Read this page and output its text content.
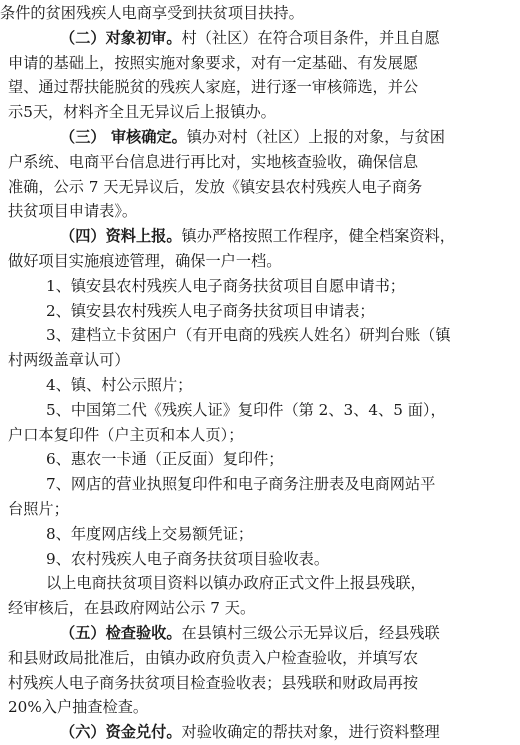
条件的贫困残疾人电商享受到扶贫项目扶持。
（二）对象初审。村（社区）在符合项目条件，并且自愿
申请的基础上，按照实施对象要求，对有一定基础、有发展愿
望、通过帮扶能脱贫的残疾人家庭，进行逐一审核筛选，并公
示5天，材料齐全且无异议后上报镇办。
（三） 审核确定。镇办对村（社区）上报的对象，与贫困
户系统、电商平台信息进行再比对，实地核查验收，确保信息
准确，公示 7 天无异议后，发放《镇安县农村残疾人电子商务
扶贫项目申请表》。
（四）资料上报。镇办严格按照工作程序，健全档案资料，
做好项目实施痕迹管理，确保一户一档。
1、镇安县农村残疾人电子商务扶贫项目自愿申请书；
2、镇安县农村残疾人电子商务扶贫项目申请表；
3、建档立卡贫困户（有开电商的残疾人姓名）研判台账（镇
村两级盖章认可）
4、镇、村公示照片；
5、中国第二代《残疾人证》复印件（第 2、3、4、5 面），
户口本复印件（户主页和本人页）；
6、惠农一卡通（正反面）复印件；
7、网店的营业执照复印件和电子商务注册表及电商网站平
台照片；
8、年度网店线上交易额凭证；
9、农村残疾人电子商务扶贫项目验收表。
以上电商扶贫项目资料以镇办政府正式文件上报县残联，
经审核后，在县政府网站公示 7 天。
（五）检查验收。在县镇村三级公示无异议后，经县残联
和县财政局批准后，由镇办政府负责入户检查验收，并填写农
村残疾人电子商务扶贫项目检查验收表；县残联和财政局再按
20%入户抽查检查。
（六）资金兑付。对验收确定的帮扶对象，进行资料整理
